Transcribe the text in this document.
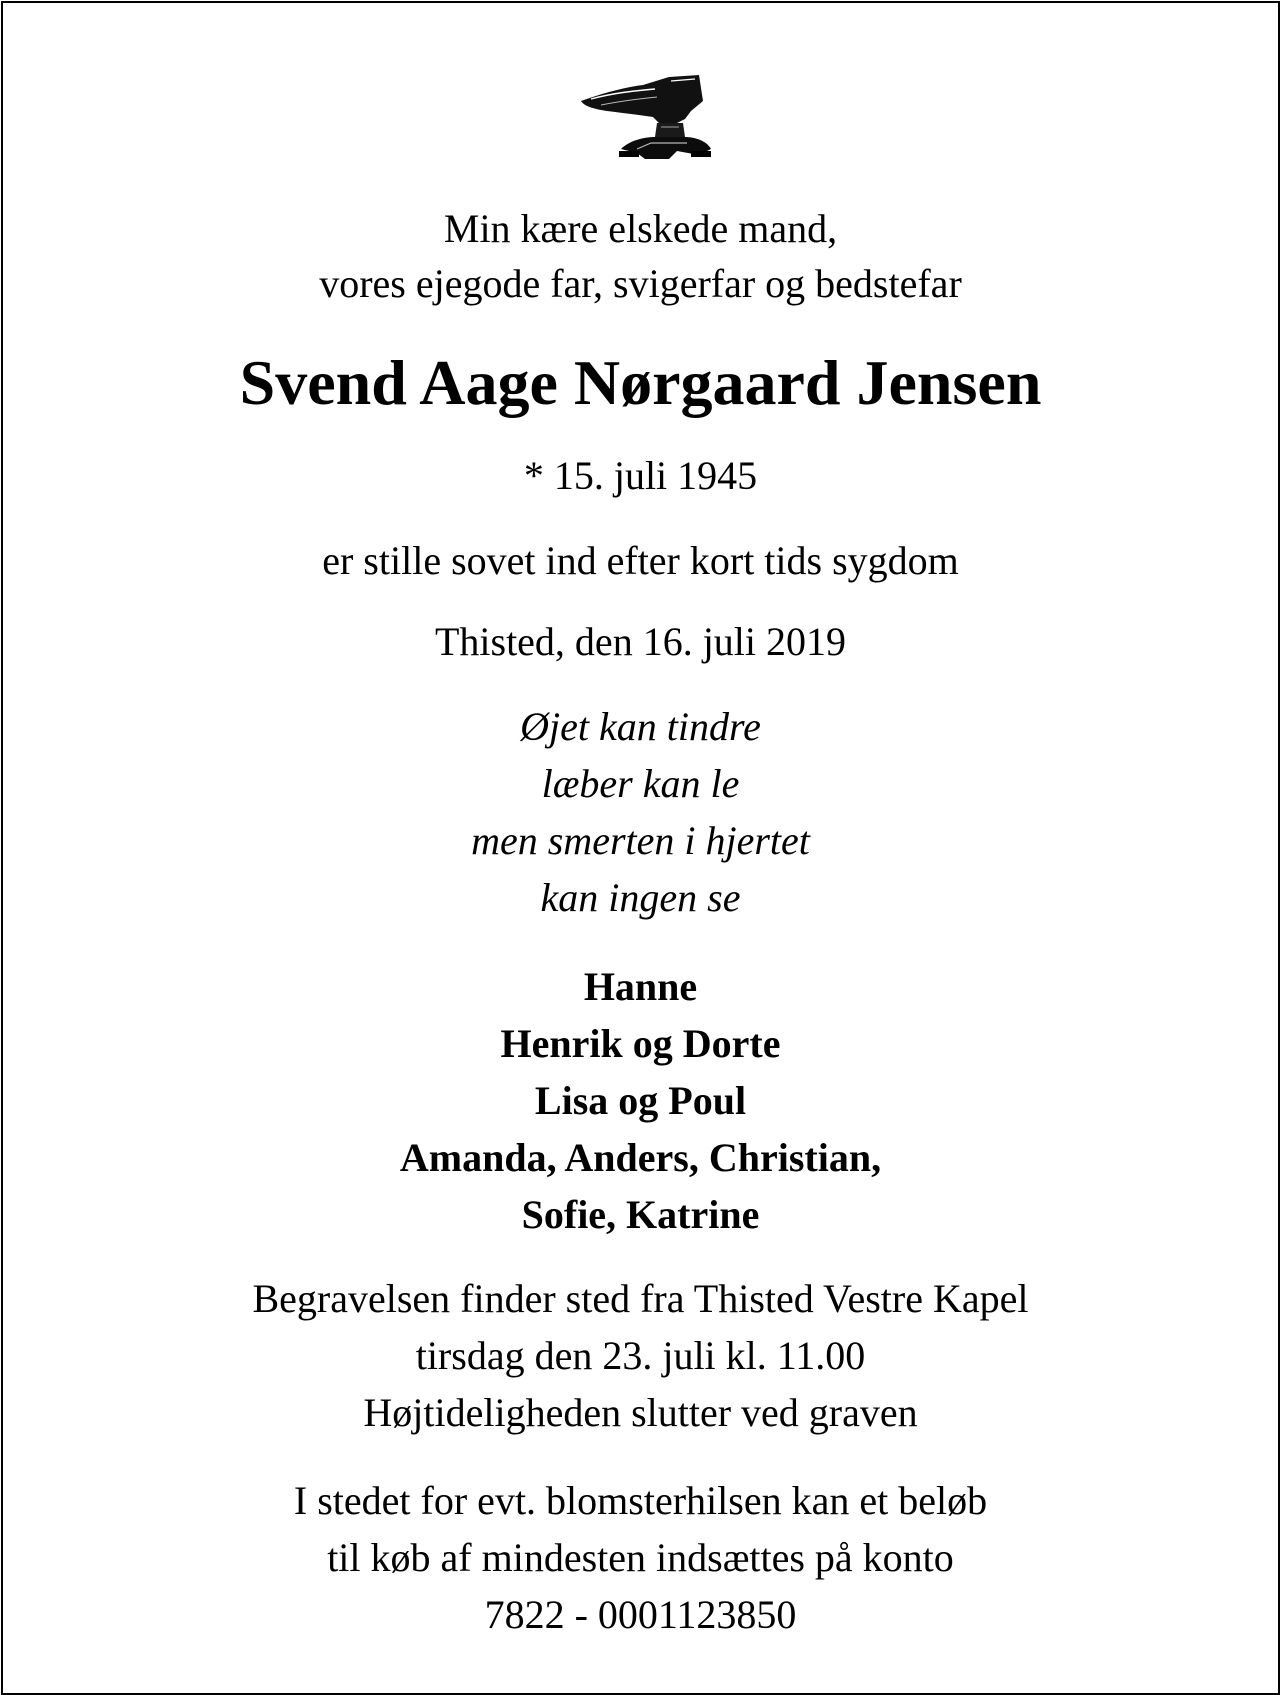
Min kære elskede mand,
vores ejegode far, svigerfar og bedstefar
Svend Aage Nørgaard Jensen
* 15. juli 1945
er stille sovet ind efter kort tids sygdom
Thisted, den 16. juli 2019
Øjet kan tindre
læber kan le
men smerten i hjertet
kan ingen se
Hanne
Henrik og Dorte
Lisa og Poul
Amanda, Anders, Christian,
Sofie, Katrine
Begravelsen finder sted fra Thisted Vestre Kapel
tirsdag den 23. juli kl. 11.00
Højtideligheden slutter ved graven
I stedet for evt. blomsterhilsen kan et beløb
til køb af mindesten indsættes på konto
7822 - 0001123850
